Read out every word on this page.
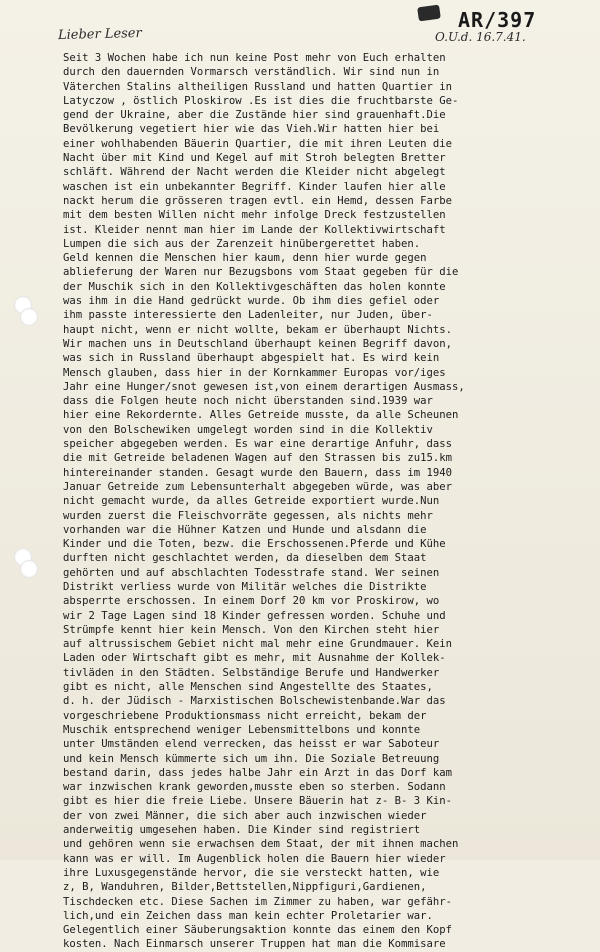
AR/397
Lieber Leser	O.U.d. 16.7.41.
Seit 3 Wochen habe ich nun keine Post mehr von Euch erhalten
durch den dauernden Vormarsch verständlich. Wir sind nun in
Väterchen Stalins altheiligen Russland und hatten Quartier in
Latyczow , östlich Ploskirow .Es ist dies die fruchtbarste Ge-
gend der Ukraine, aber die Zustände hier sind grauenhaft.Die
Bevölkerung vegetiert hier wie das Vieh.Wir hatten hier bei
einer wohlhabenden Bäuerin Quartier, die mit ihren Leuten die
Nacht über mit Kind und Kegel auf mit Stroh belegten Bretter
schläft. Während der Nacht werden die Kleider nicht abgelegt
waschen ist ein unbekannter Begriff. Kinder laufen hier alle
nackt herum die grösseren tragen evtl. ein Hemd, dessen Farbe
mit dem besten Willen nicht mehr infolge Dreck festzustellen
ist. Kleider nennt man hier im Lande der Kollektivwirtschaft
Lumpen die sich aus der Zarenzeit hinübergerettet haben.
Geld kennen die Menschen hier kaum, denn hier wurde gegen
ablieferung der Waren nur Bezugsbons vom Staat gegeben für die
der Muschik sich in den Kollektivgeschäften das holen konnte
was ihm in die Hand gedrückt wurde. Ob ihm dies gefiel oder
ihm passte interessierte den Ladenleiter, nur Juden, über-
haupt nicht, wenn er nicht wollte, bekam er überhaupt Nichts.
Wir machen uns in Deutschland überhaupt keinen Begriff davon,
was sich in Russland überhaupt abgespielt hat. Es wird kein
Mensch glauben, dass hier in der Kornkammer Europas vor/iges
Jahr eine Hunger/snot gewesen ist,von einem derartigen Ausmass,
dass die Folgen heute noch nicht überstanden sind.1939 war
hier eine Rekordernte. Alles Getreide musste, da alle Scheunen
von den Bolschewiken umgelegt worden sind in die Kollektiv
speicher abgegeben werden. Es war eine derartige Anfuhr, dass
die mit Getreide beladenen Wagen auf den Strassen bis zu15.km
hintereinander standen. Gesagt wurde den Bauern, dass im 1940
Januar Getreide zum Lebensunterhalt abgegeben würde, was aber
nicht gemacht wurde, da alles Getreide exportiert wurde.Nun
wurden zuerst die Fleischvorräte gegessen, als nichts mehr
vorhanden war die Hühner Katzen und Hunde und alsdann die
Kinder und die Toten, bezw. die Erschossenen.Pferde und Kühe
durften nicht geschlachtet werden, da dieselben dem Staat
gehörten und auf abschlachten Todesstrafe stand. Wer seinen
Distrikt verliess wurde von Militär welches die Distrikte
absperrte erschossen. In einem Dorf 20 km vor Proskirow, wo
wir 2 Tage Lagen sind 18 Kinder gefressen worden. Schuhe und
Strümpfe kennt hier kein Mensch. Von den Kirchen steht hier
auf altrussischem Gebiet nicht mal mehr eine Grundmauer. Kein
Laden oder Wirtschaft gibt es mehr, mit Ausnahme der Kollek-
tivläden in den Städten. Selbständige Berufe und Handwerker
gibt es nicht, alle Menschen sind Angestellte des Staates,
d. h. der Jüdisch - Marxistischen Bolschewistenbande.War das
vorgeschriebene Produktionsmass nicht erreicht, bekam der
Muschik entsprechend weniger Lebensmittelbons und konnte
unter Umständen elend verrecken, das heisst er war Saboteur
und kein Mensch kümmerte sich um ihn. Die Soziale Betreuung
bestand darin, dass jedes halbe Jahr ein Arzt in das Dorf kam
war inzwischen krank geworden,musste eben so sterben. Sodann
gibt es hier die freie Liebe. Unsere Bäuerin hat z- B- 3 Kin-
der von zwei Männer, die sich aber auch inzwischen wieder
anderweitig umgesehen haben. Die Kinder sind registriert
und gehören wenn sie erwachsen dem Staat, der mit ihnen machen
kann was er will. Im Augenblick holen die Bauern hier wieder
ihre Luxusgegenstände hervor, die sie versteckt hatten, wie
z, B, Wanduhren, Bilder,Bettstellen,Nippfiguri,Gardienen,
Tischdecken etc. Diese Sachen im Zimmer zu haben, war gefähr-
lich,und ein Zeichen dass man kein echter Proletarier war.
Gelegentlich einer Säuberungsaktion konnte das einem den Kopf
kosten. Nach Einmarsch unserer Truppen hat man die Kommisare
